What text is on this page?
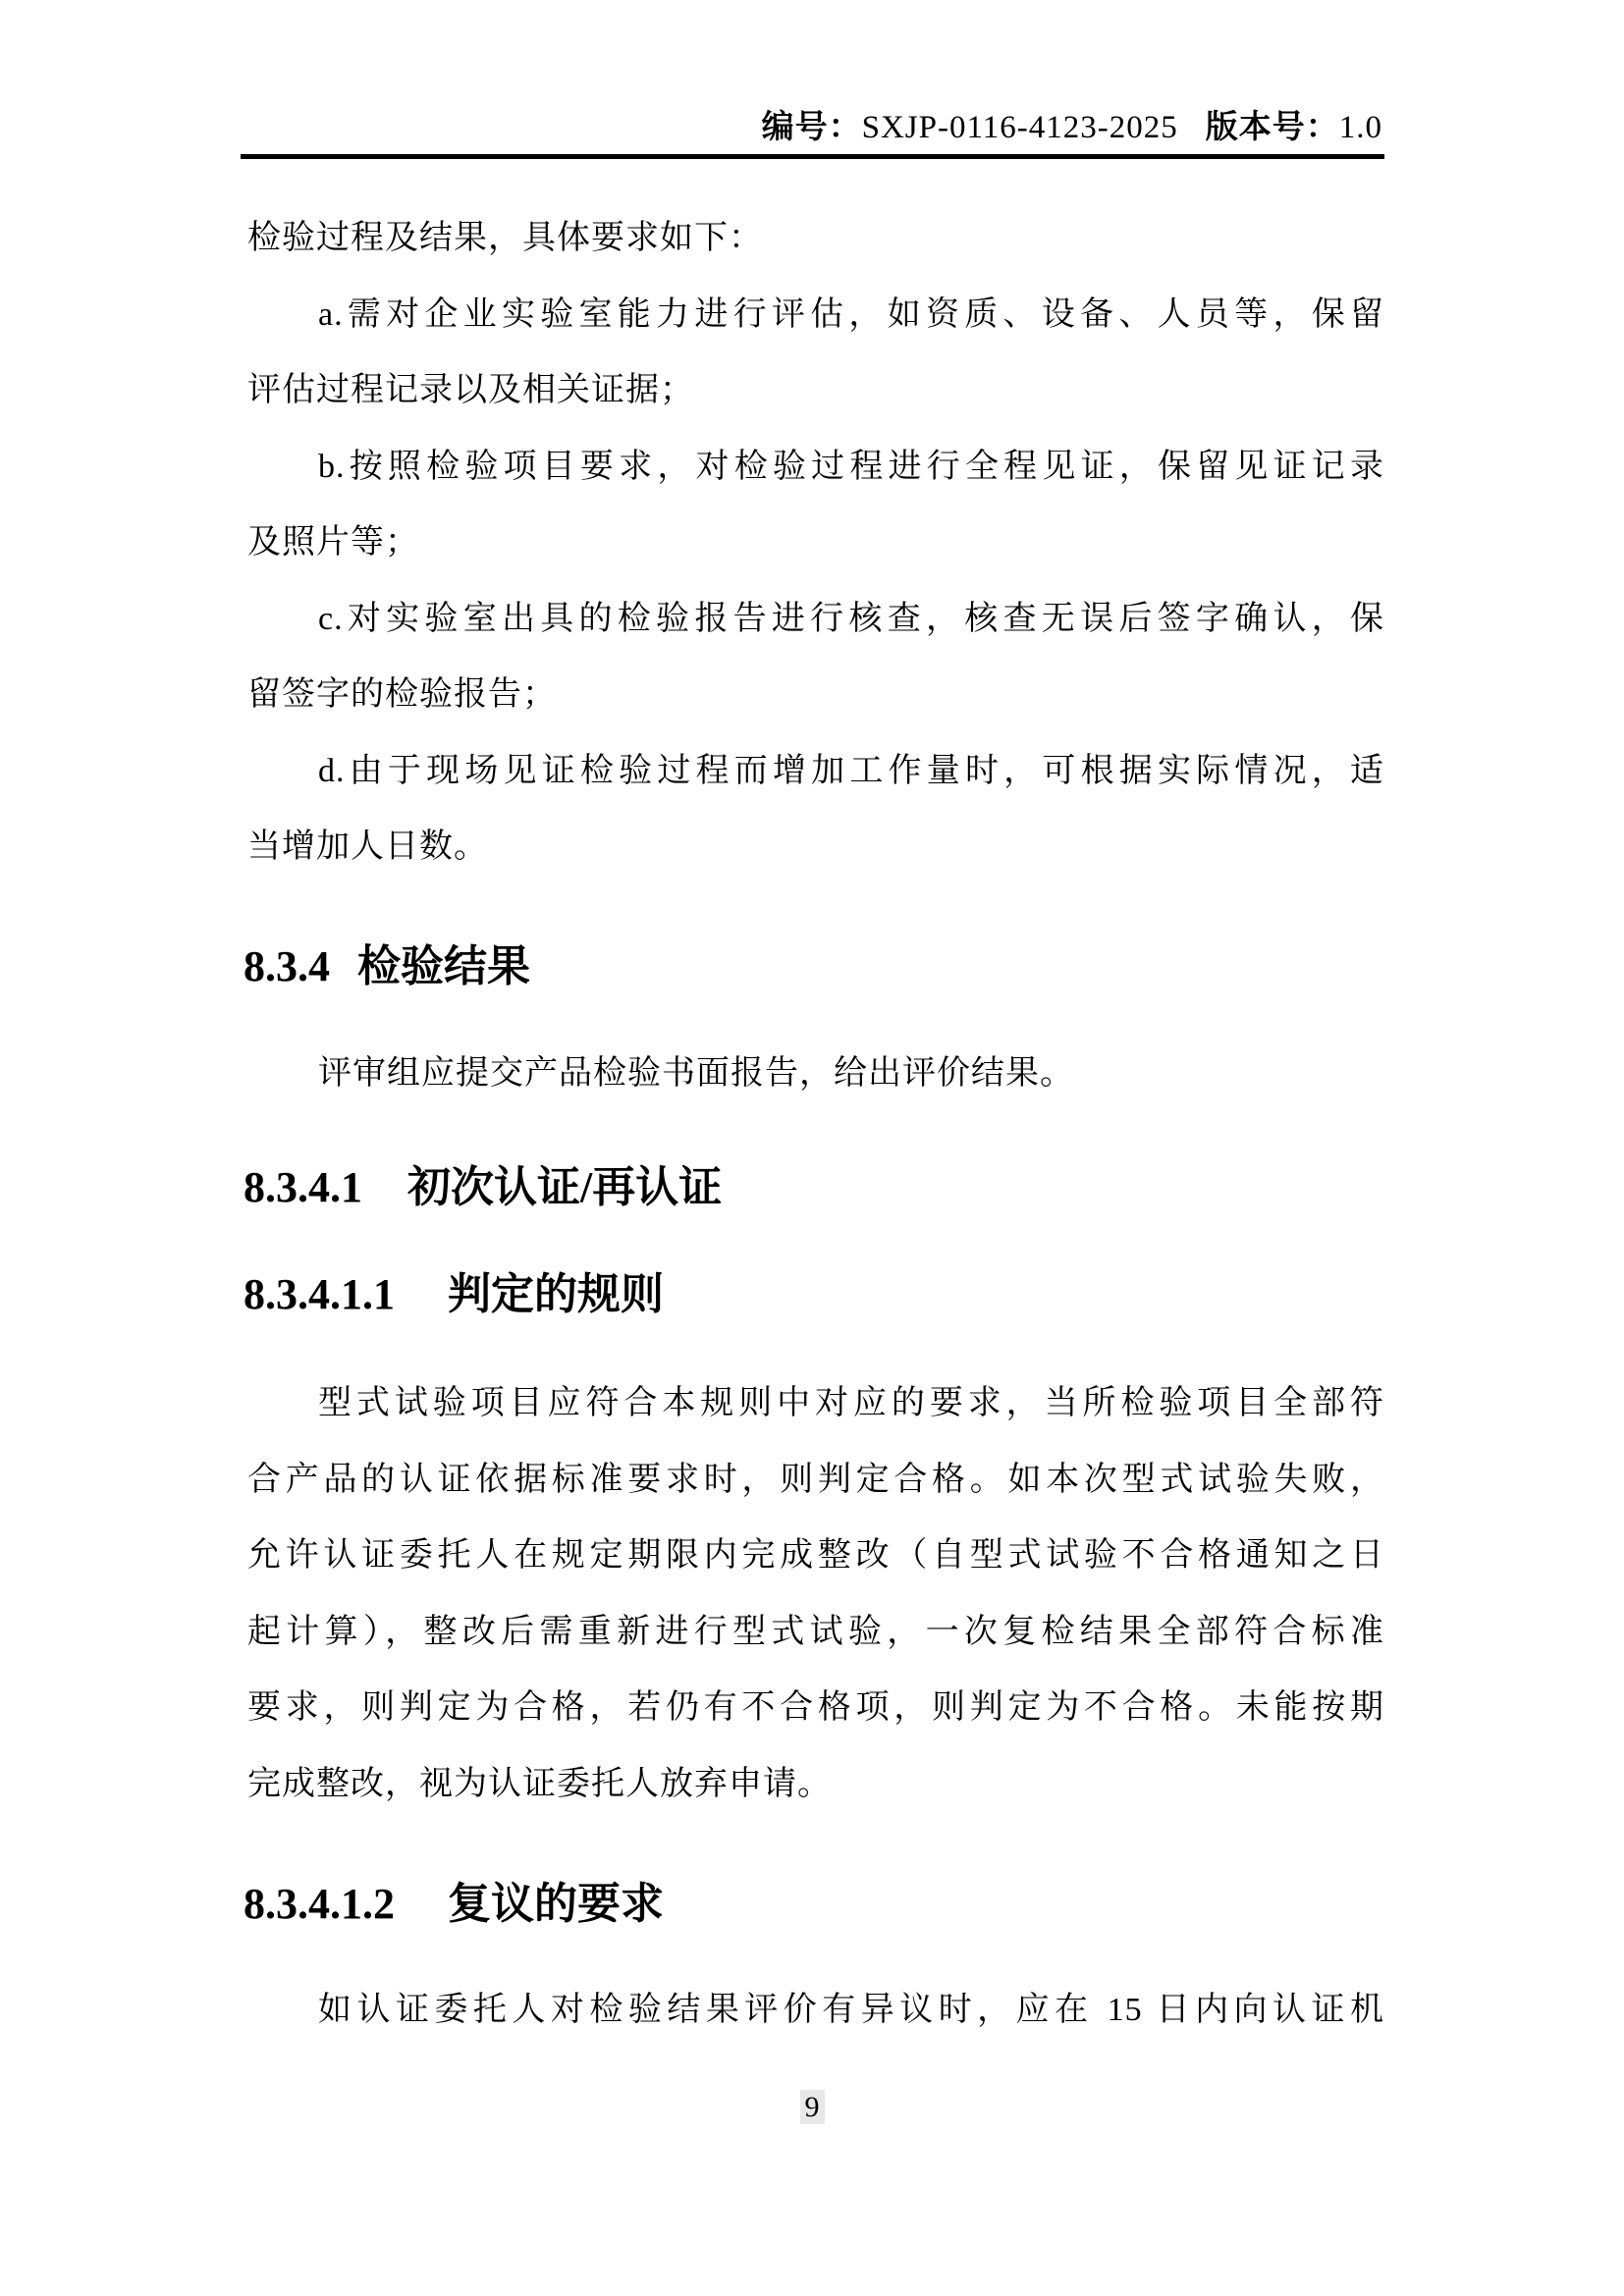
编号：SXJP-0116-4123-2025 版本号：1.0
检验过程及结果，具体要求如下：
a.需对企业实验室能力进行评估，如资质、设备、人员等，保留
评估过程记录以及相关证据；
b.按照检验项目要求，对检验过程进行全程见证，保留见证记录
及照片等；
c.对实验室出具的检验报告进行核查，核查无误后签字确认，保
留签字的检验报告；
d.由于现场见证检验过程而增加工作量时，可根据实际情况，适
当增加人日数。
8.3.4 检验结果
评审组应提交产品检验书面报告，给出评价结果。
8.3.4.1 初次认证/再认证
8.3.4.1.1 判定的规则
型式试验项目应符合本规则中对应的要求，当所检验项目全部符
合产品的认证依据标准要求时，则判定合格。如本次型式试验失败，
允许认证委托人在规定期限内完成整改（自型式试验不合格通知之日
起计算），整改后需重新进行型式试验，一次复检结果全部符合标准
要求，则判定为合格，若仍有不合格项，则判定为不合格。未能按期
完成整改，视为认证委托人放弃申请。
8.3.4.1.2 复议的要求
如认证委托人对检验结果评价有异议时，应在 15 日内向认证机
9
